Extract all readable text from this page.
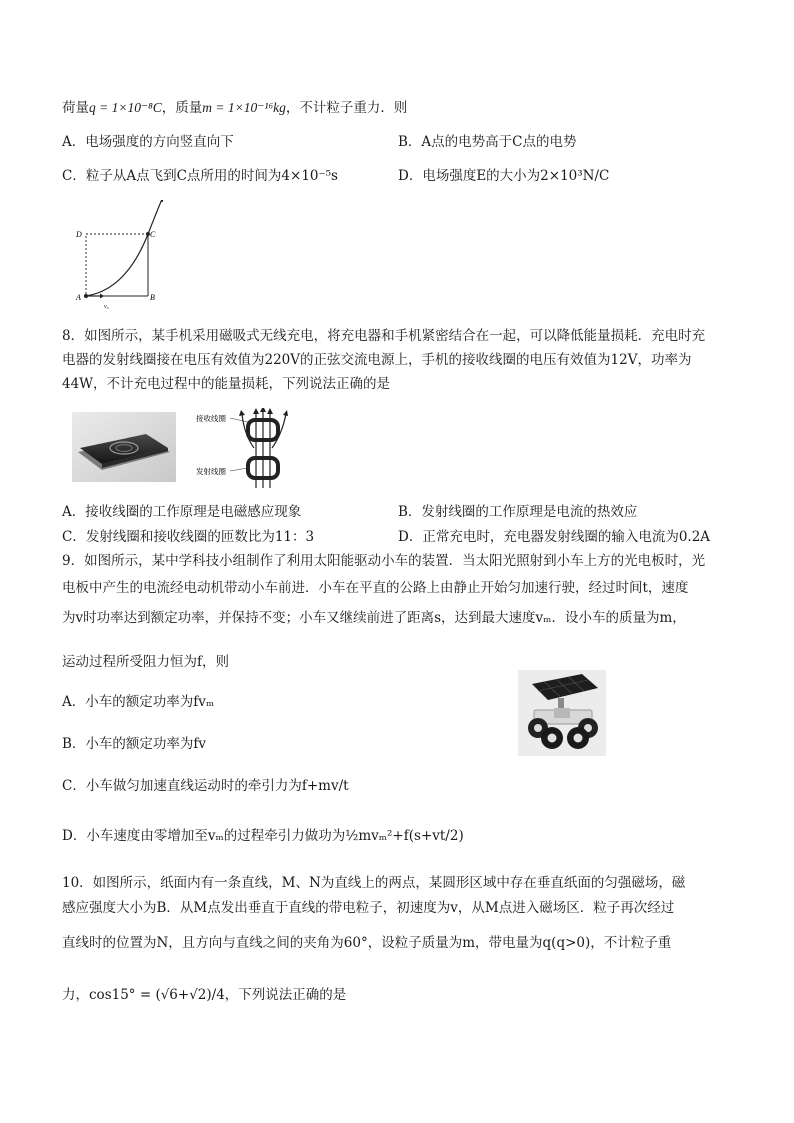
荷量q = 1×10⁻⁸C，质量m = 1×10⁻¹⁶kg，不计粒子重力．则
A．电场强度的方向竖直向下	B．A点的电势高于C点的电势
C．粒子从A点飞到C点所用的时间为4×10⁻⁵s	D．电场强度E的大小为2×10³N/C
D	C
A	B
v₀
8．如图所示，某手机采用磁吸式无线充电，将充电器和手机紧密结合在一起，可以降低能量损耗．充电时充
电器的发射线圈接在电压有效值为220V的正弦交流电源上，手机的接收线圈的电压有效值为12V，功率为
44W，不计充电过程中的能量损耗，下列说法正确的是
接收线圈
发射线圈
A．接收线圈的工作原理是电磁感应现象	B．发射线圈的工作原理是电流的热效应
C．发射线圈和接收线圈的匝数比为11：3	D．正常充电时，充电器发射线圈的输入电流为0.2A
9．如图所示，某中学科技小组制作了利用太阳能驱动小车的装置．当太阳光照射到小车上方的光电板时，光
电板中产生的电流经电动机带动小车前进．小车在平直的公路上由静止开始匀加速行驶，经过时间t，速度
为v时功率达到额定功率，并保持不变；小车又继续前进了距离s，达到最大速度vₘ．设小车的质量为m，
运动过程所受阻力恒为f，则
A．小车的额定功率为fvₘ
B．小车的额定功率为fv
C．小车做匀加速直线运动时的牵引力为f+mv/t
D．小车速度由零增加至vₘ的过程牵引力做功为½mvₘ²+f(s+vt/2)
10．如图所示，纸面内有一条直线，M、N为直线上的两点，某圆形区域中存在垂直纸面的匀强磁场，磁
感应强度大小为B．从M点发出垂直于直线的带电粒子，初速度为v，从M点进入磁场区．粒子再次经过
直线时的位置为N，且方向与直线之间的夹角为60°，设粒子质量为m，带电量为q(q>0)，不计粒子重
力，cos15° = (√6+√2)/4，下列说法正确的是
